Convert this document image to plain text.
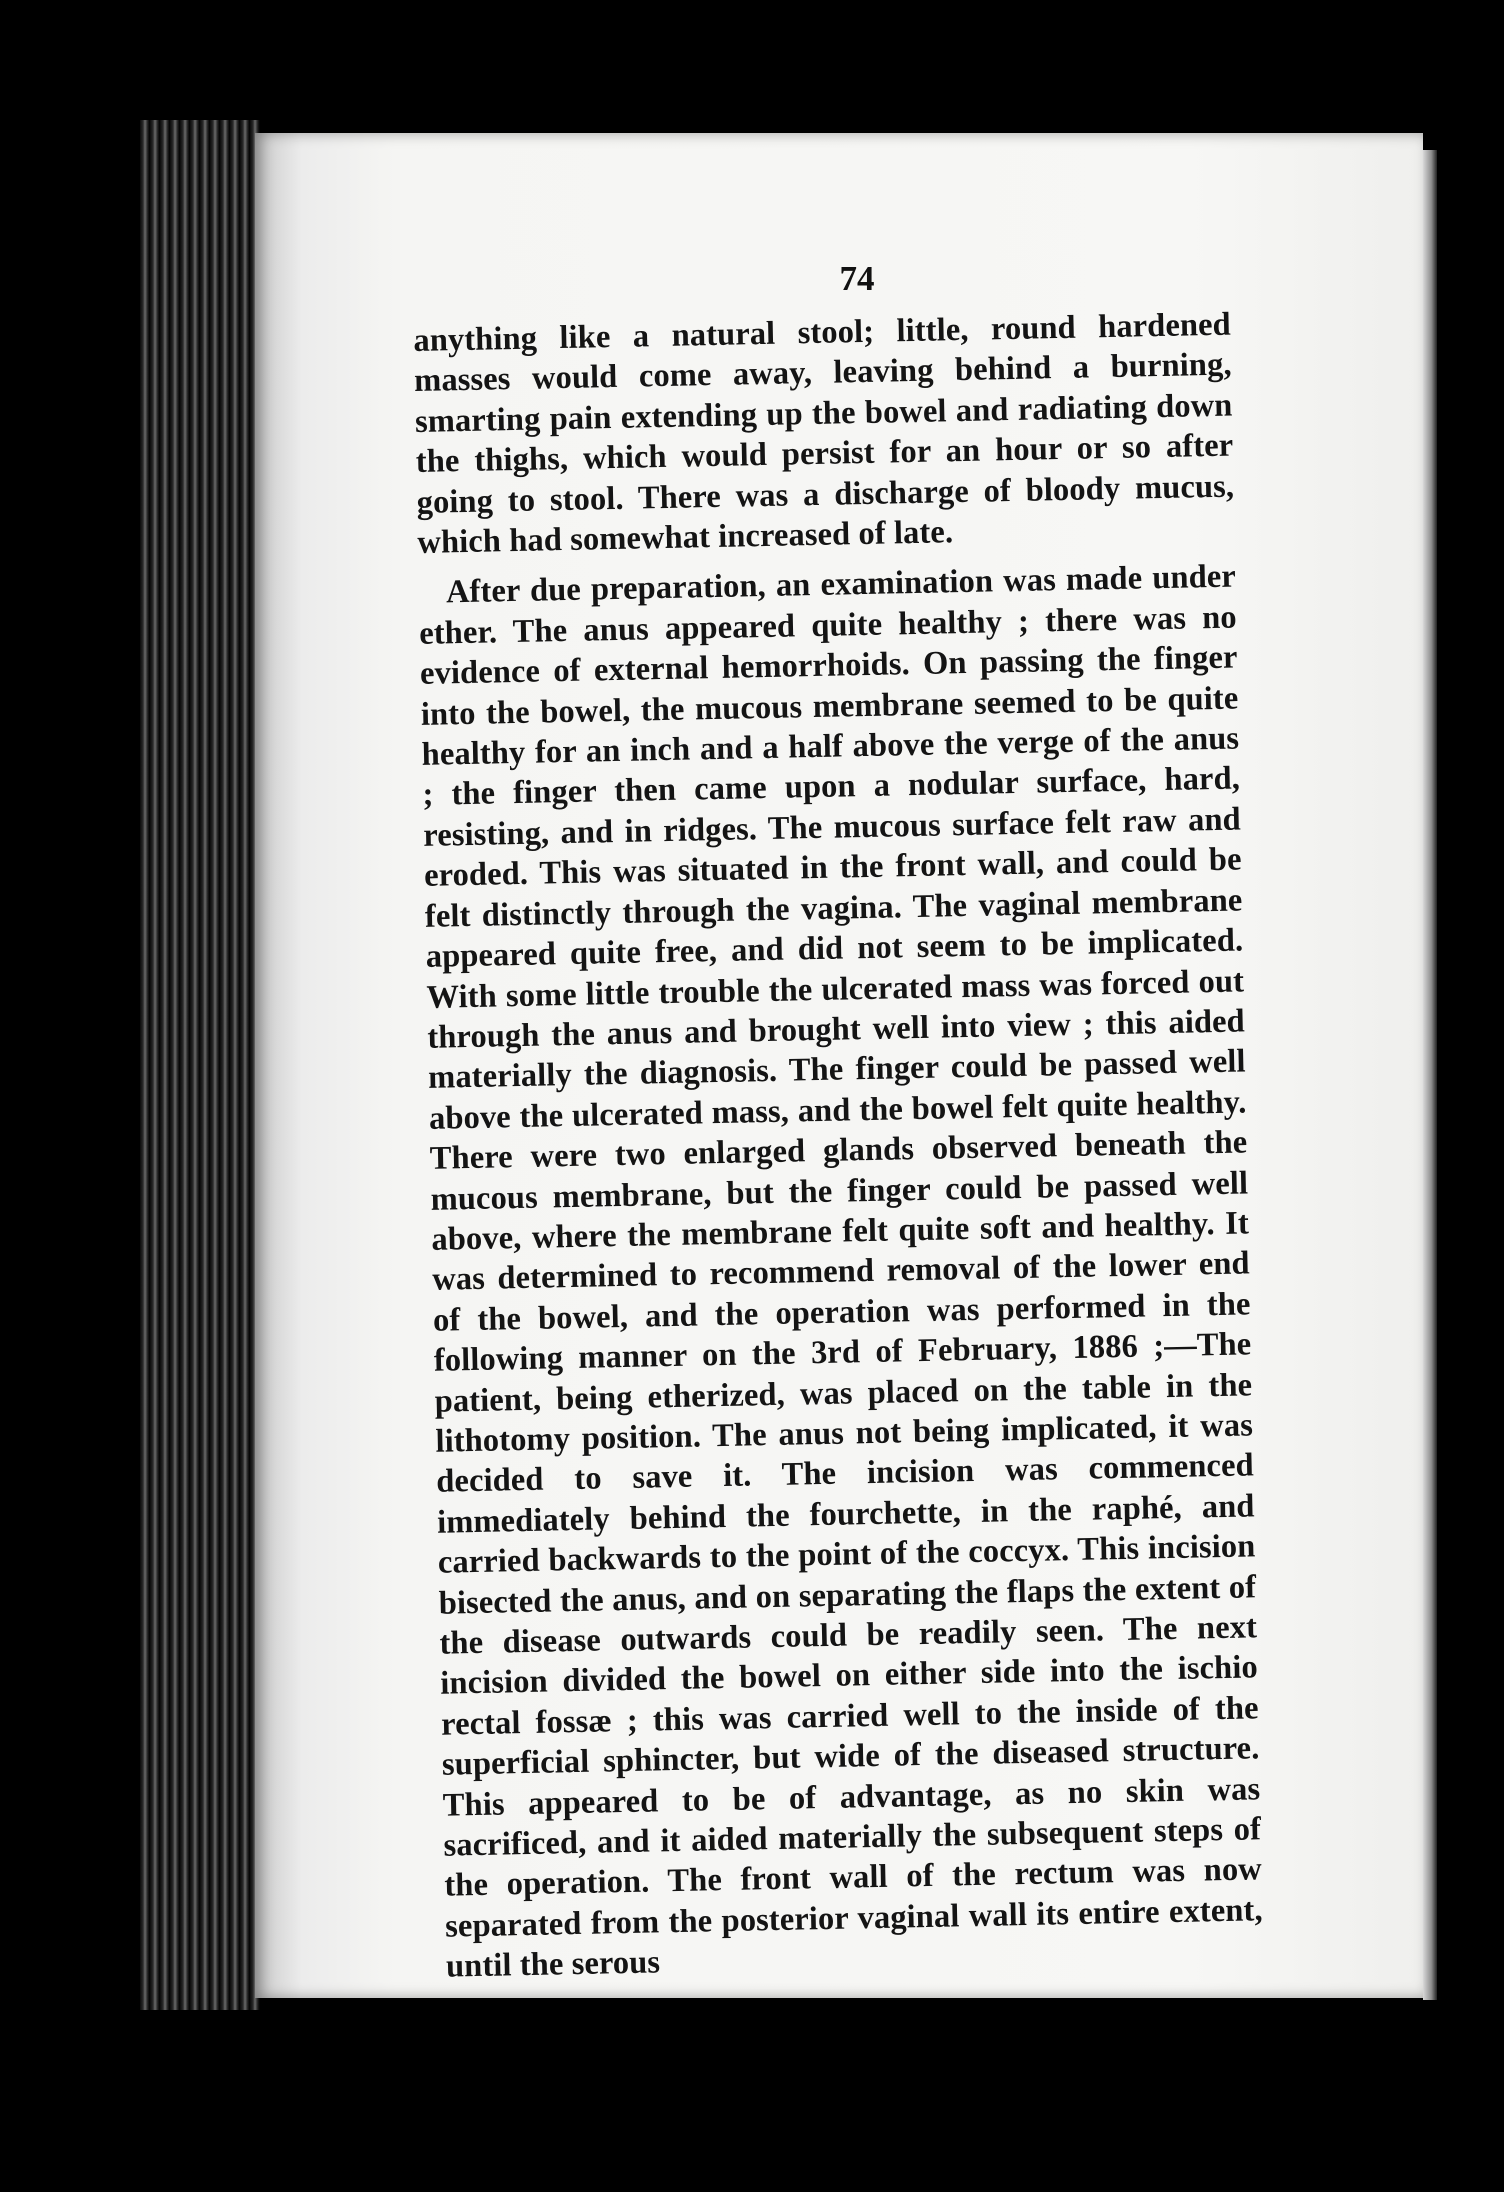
74

anything like a natural stool; little, round hardened masses would come away, leaving behind a burning, smarting pain extending up the bowel and radiating down the thighs, which would persist for an hour or so after going to stool. There was a discharge of bloody mucus, which had somewhat increased of late.

After due preparation, an examination was made under ether. The anus appeared quite healthy ; there was no evidence of external hemorrhoids. On passing the finger into the bowel, the mucous membrane seemed to be quite healthy for an inch and a half above the verge of the anus ; the finger then came upon a nodular surface, hard, resisting, and in ridges. The mucous surface felt raw and eroded. This was situated in the front wall, and could be felt distinctly through the vagina. The vaginal membrane appeared quite free, and did not seem to be implicated. With some little trouble the ulcerated mass was forced out through the anus and brought well into view ; this aided materially the diagnosis. The finger could be passed well above the ulcerated mass, and the bowel felt quite healthy. There were two enlarged glands observed beneath the mucous membrane, but the finger could be passed well above, where the membrane felt quite soft and healthy. It was determined to recommend removal of the lower end of the bowel, and the operation was performed in the following manner on the 3rd of February, 1886 ;—The patient, being etherized, was placed on the table in the lithotomy position. The anus not being implicated, it was decided to save it. The incision was commenced immediately behind the fourchette, in the raphé, and carried backwards to the point of the coccyx. This incision bisected the anus, and on separating the flaps the extent of the disease outwards could be readily seen. The next incision divided the bowel on either side into the ischio rectal fossæ ; this was carried well to the inside of the superficial sphincter, but wide of the diseased structure. This appeared to be of advantage, as no skin was sacrificed, and it aided materially the subsequent steps of the operation. The front wall of the rectum was now separated from the posterior vaginal wall its entire extent, until the serous
